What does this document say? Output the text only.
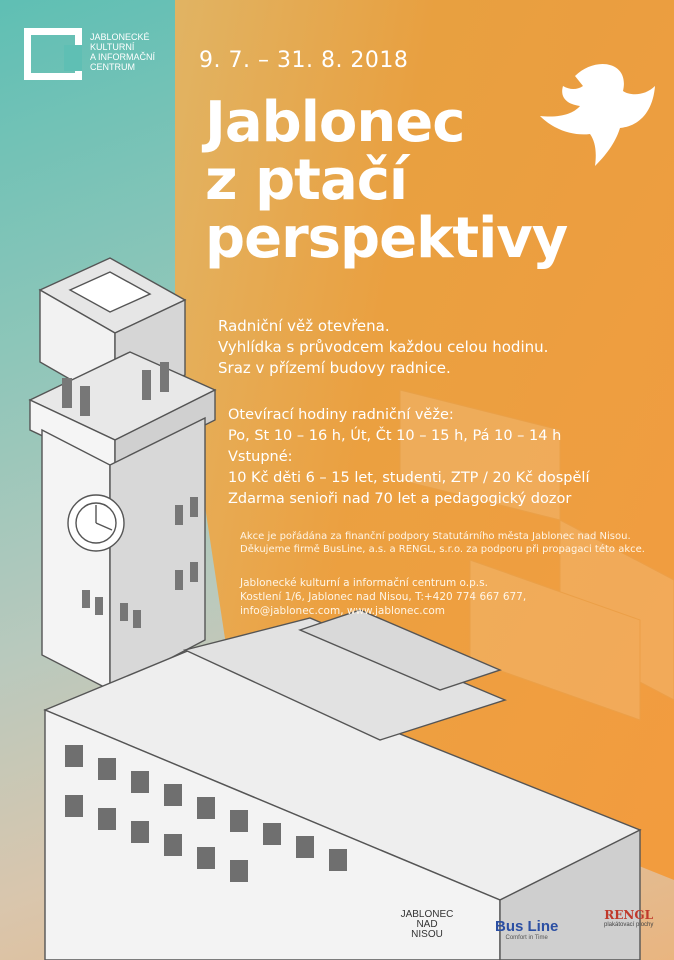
JABLONECKÉ
KULTURNÍ
A INFORMAČNÍ
CENTRUM	9. 7. – 31. 8. 2018
Jablonec
z ptačí
perspektivy
Radniční věž otevřena.
Vyhlídka s průvodcem každou celou hodinu.
Sraz v přízemí budovy radnice.
Otevírací hodiny radniční věže:
Po, St 10 – 16 h, Út, Čt 10 – 15 h, Pá 10 – 14 h
Vstupné:
10 Kč děti 6 – 15 let, studenti, ZTP / 20 Kč dospělí
Zdarma senioři nad 70 let a pedagogický dozor
Akce je pořádána za finanční podpory Statutárního města Jablonec nad Nisou.
Děkujeme firmě BusLine, a.s. a RENGL, s.r.o. za podporu při propagaci této akce.
Jablonecké kulturní a informační centrum o.p.s.
Kostlení 1/6, Jablonec nad Nisou, T:+420 774 667 677,
info@jablonec.com, www.jablonec.com
JABLONEC
NAD
NISOU	Bus Line
Comfort in Time
RENGL
plakátovací plochy
